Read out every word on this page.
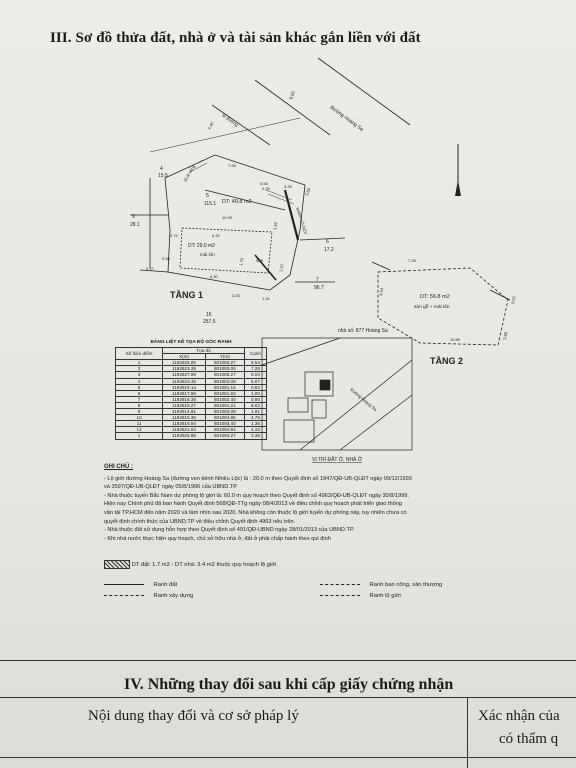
III. Sơ đồ thửa đất, nhà ở và tài sản khác gắn liền với đất
Đường Hoàng Sa
lề đường
9.00
TẦNG 1
TẦNG 2
DT: 49.8 m2
DT: 29.0 m2
mái tôn
sân
DT: 56.8 m2
sàn gỗ + mái tôn
lối đi riêng
RANH LỘ GIỚI
nhà số: 877 Hoàng Sa
VỊ TRÍ ĐẤT Ở, NHÀ Ở
Đường Hoàng Sa
4
15.5
9
28.1
6
17.2
7
96.7
16
257.5
5
115.1
4.40
7.28
10.99
6.32
6.30
3.33
1.91
0.57
0.58
0.75
3.35
0.20	3.89
1.45
2.22
7.28
4.54
10.89	3.88
0.52
1.70
0.56
BẢNG LIỆT KÊ TỌA ĐỘ GÓC RANH
Số hiệu điểm	Tọa độ		Cạnh
	X(m)	Y(m)	
1	1192825.85	601093.27	6.54
2	1192823.35	601093.05	7.28
3	1192827.99	601085.27	5.04
4	1192823.45	601083.09	5.67
5	1192818.14	601081.16	0.82
6	1192817.86	601081.93	1.00
7	1192816.38	601082.40	0.80
8	1192815.27	601091.21	9.63
9	1192814.91	601093.09	1.91
10	1192815.36	601094.85	4.75
11	1192815.94	601093.40	1.36
12	1192821.82	601094.94	4.15
1	1192825.85	601093.27	3.35
GHI CHÚ :
- Lộ giới đường Hoàng Sa (đường ven kênh Nhiêu Lộc) là : 20.0 m theo Quyết định số 1847/QĐ-UB-QLĐT ngày 09/12/1993
và 3597/QĐ-UB-QLĐT ngày 05/8/1996 của UBND.TP
- Nhà thuộc tuyến Bắc Nam dự phóng lộ giới là: 60.0 m quy hoạch theo Quyết định số 4963/QĐ-UB-QLĐT ngày 30/8/1999.
Hiện nay Chính phủ đã ban hành Quyết định 568/QĐ-TTg ngày 08/4/2013 về điều chỉnh quy hoạch phát triển giao thông
vận tải TP.HCM đến năm 2020 và tầm nhìn sau 2020. Nhà không còn thuộc lộ giới tuyến dự phóng này, tuy nhiên chưa có
quyết định chính thức của UBND.TP về điều chỉnh Quyết định 4963 nêu trên.
- Nhà thuộc đất sử dụng hỗn hợp theo Quyết định số 491/QĐ-UBND ngày 28/01/2013 của UBND.TP.
- Khi nhà nước thực hiện quy hoạch, chủ sở hữu nhà ở, đất ở phải chấp hành theo qui định
DT đất: 1.7 m2 - DT nhà: 3.4 m2 thuộc quy hoạch lộ giới
Ranh đất
Ranh xây dựng
Ranh ban công, sân thượng
Ranh lộ giới
IV. Những thay đổi sau khi cấp giấy chứng nhận
Nội dung thay đổi và cơ sở pháp lý	Xác nhận của
có thẩm q
